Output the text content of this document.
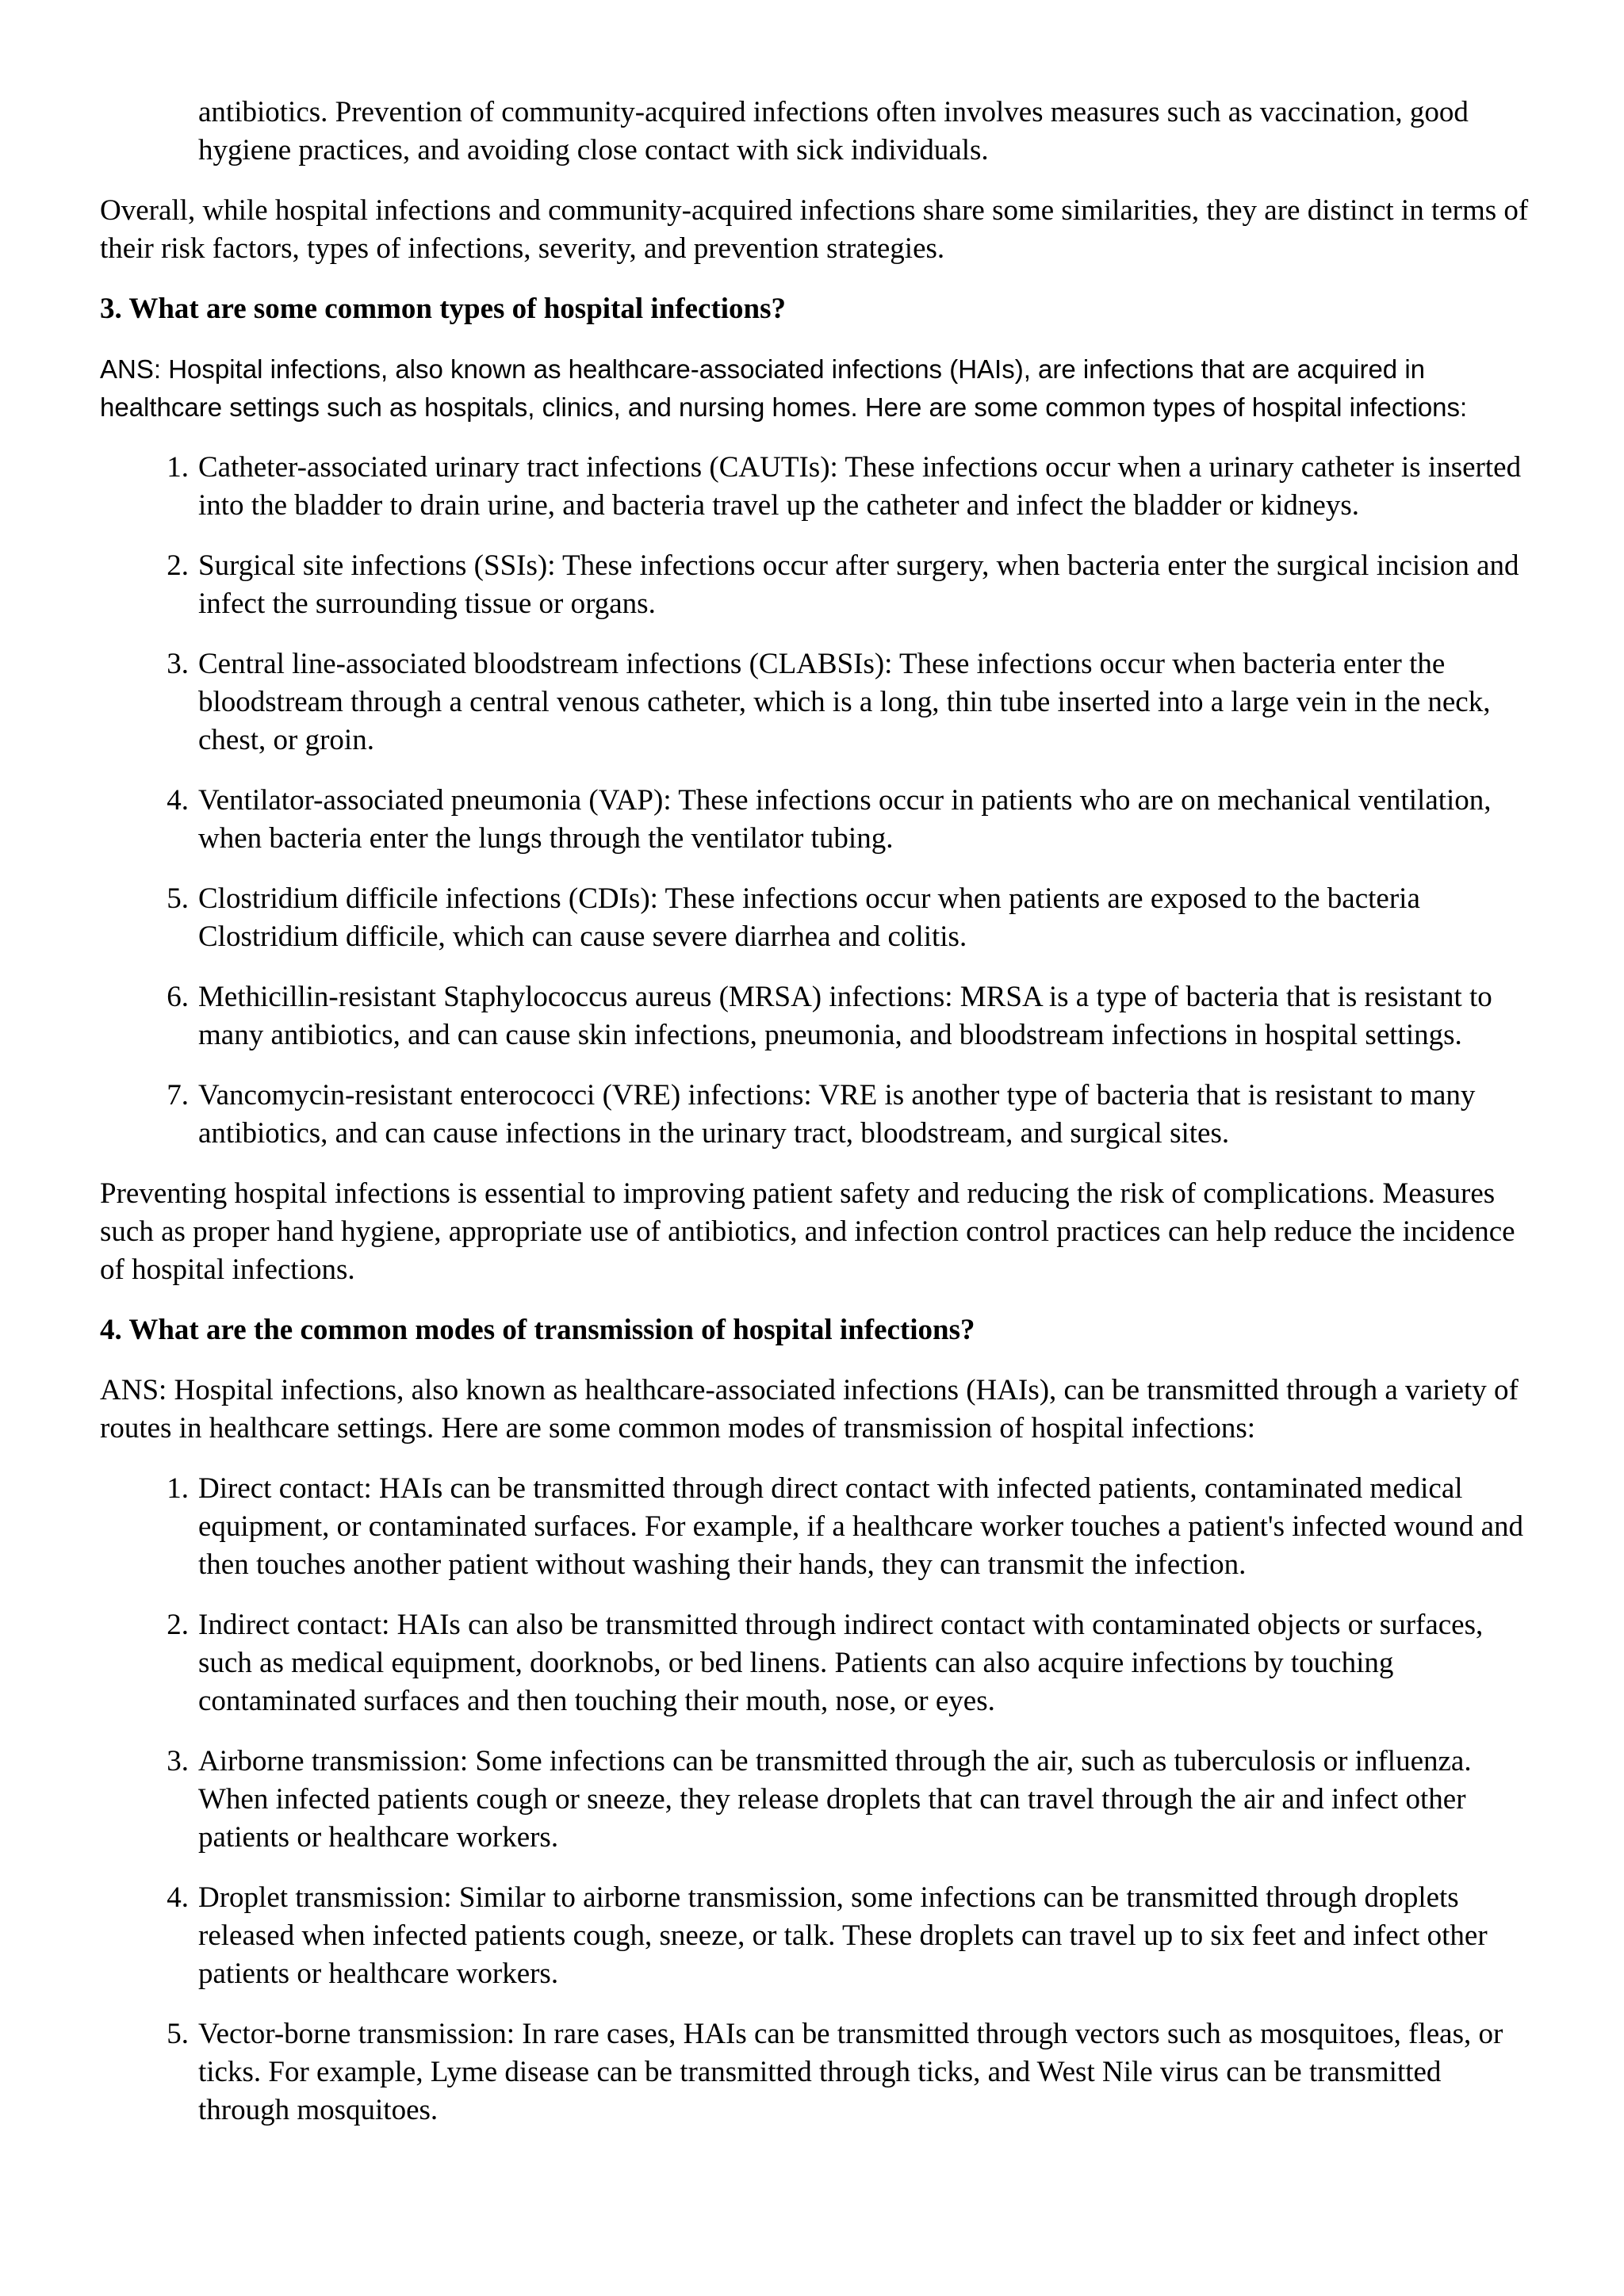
antibiotics. Prevention of community-acquired infections often involves measures such as vaccination, good hygiene practices, and avoiding close contact with sick individuals.

Overall, while hospital infections and community-acquired infections share some similarities, they are distinct in terms of their risk factors, types of infections, severity, and prevention strategies.

3. What are some common types of hospital infections?

ANS: Hospital infections, also known as healthcare-associated infections (HAIs), are infections that are acquired in healthcare settings such as hospitals, clinics, and nursing homes. Here are some common types of hospital infections:

1. Catheter-associated urinary tract infections (CAUTIs): These infections occur when a urinary catheter is inserted into the bladder to drain urine, and bacteria travel up the catheter and infect the bladder or kidneys.
2. Surgical site infections (SSIs): These infections occur after surgery, when bacteria enter the surgical incision and infect the surrounding tissue or organs.
3. Central line-associated bloodstream infections (CLABSIs): These infections occur when bacteria enter the bloodstream through a central venous catheter, which is a long, thin tube inserted into a large vein in the neck, chest, or groin.
4. Ventilator-associated pneumonia (VAP): These infections occur in patients who are on mechanical ventilation, when bacteria enter the lungs through the ventilator tubing.
5. Clostridium difficile infections (CDIs): These infections occur when patients are exposed to the bacteria Clostridium difficile, which can cause severe diarrhea and colitis.
6. Methicillin-resistant Staphylococcus aureus (MRSA) infections: MRSA is a type of bacteria that is resistant to many antibiotics, and can cause skin infections, pneumonia, and bloodstream infections in hospital settings.
7. Vancomycin-resistant enterococci (VRE) infections: VRE is another type of bacteria that is resistant to many antibiotics, and can cause infections in the urinary tract, bloodstream, and surgical sites.

Preventing hospital infections is essential to improving patient safety and reducing the risk of complications. Measures such as proper hand hygiene, appropriate use of antibiotics, and infection control practices can help reduce the incidence of hospital infections.

4. What are the common modes of transmission of hospital infections?

ANS: Hospital infections, also known as healthcare-associated infections (HAIs), can be transmitted through a variety of routes in healthcare settings. Here are some common modes of transmission of hospital infections:

1. Direct contact: HAIs can be transmitted through direct contact with infected patients, contaminated medical equipment, or contaminated surfaces. For example, if a healthcare worker touches a patient's infected wound and then touches another patient without washing their hands, they can transmit the infection.
2. Indirect contact: HAIs can also be transmitted through indirect contact with contaminated objects or surfaces, such as medical equipment, doorknobs, or bed linens. Patients can also acquire infections by touching contaminated surfaces and then touching their mouth, nose, or eyes.
3. Airborne transmission: Some infections can be transmitted through the air, such as tuberculosis or influenza. When infected patients cough or sneeze, they release droplets that can travel through the air and infect other patients or healthcare workers.
4. Droplet transmission: Similar to airborne transmission, some infections can be transmitted through droplets released when infected patients cough, sneeze, or talk. These droplets can travel up to six feet and infect other patients or healthcare workers.
5. Vector-borne transmission: In rare cases, HAIs can be transmitted through vectors such as mosquitoes, fleas, or ticks. For example, Lyme disease can be transmitted through ticks, and West Nile virus can be transmitted through mosquitoes.
